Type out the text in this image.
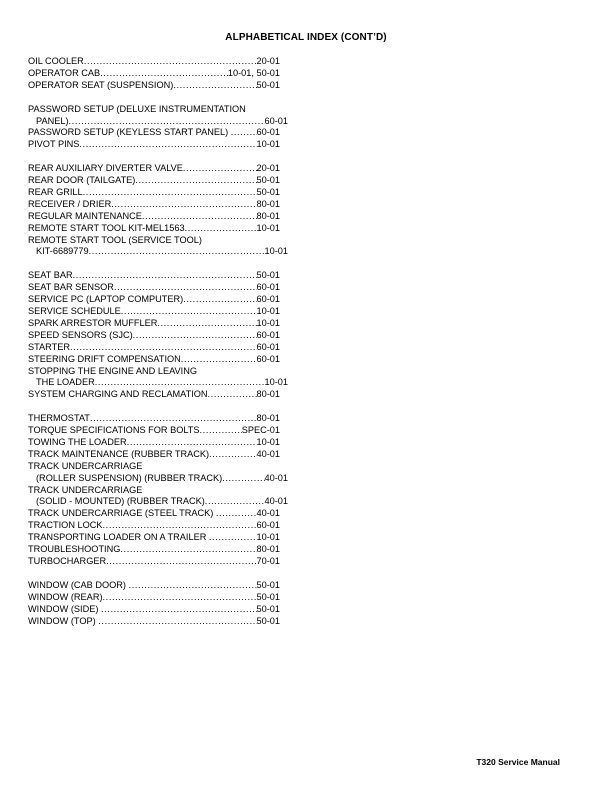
ALPHABETICAL INDEX (CONT’D)
OIL COOLER .....	20-01
OPERATOR CAB .....	10-01, 50-01
OPERATOR SEAT (SUSPENSION) .....	50-01
PASSWORD SETUP (DELUXE INSTRUMENTATION
PANEL) .....	60-01
PASSWORD SETUP (KEYLESS START PANEL) .....	60-01
PIVOT PINS .....	10-01
REAR AUXILIARY DIVERTER VALVE .....	20-01
REAR DOOR (TAILGATE) .....	50-01
REAR GRILL .....	50-01
RECEIVER / DRIER .....	80-01
REGULAR MAINTENANCE .....	80-01
REMOTE START TOOL KIT-MEL1563 .....	10-01
REMOTE START TOOL (SERVICE TOOL)
KIT-6689779 .....	10-01
SEAT BAR .....	50-01
SEAT BAR SENSOR .....	60-01
SERVICE PC (LAPTOP COMPUTER) .....	60-01
SERVICE SCHEDULE .....	10-01
SPARK ARRESTOR MUFFLER .....	10-01
SPEED SENSORS (SJC) .....	60-01
STARTER .....	60-01
STEERING DRIFT COMPENSATION .....	60-01
STOPPING THE ENGINE AND LEAVING
THE LOADER .....	10-01
SYSTEM CHARGING AND RECLAMATION .....	80-01
THERMOSTAT .....	80-01
TORQUE SPECIFICATIONS FOR BOLTS .....	SPEC-01
TOWING THE LOADER .....	10-01
TRACK MAINTENANCE (RUBBER TRACK) .....	40-01
TRACK UNDERCARRIAGE
(ROLLER SUSPENSION) (RUBBER TRACK) .....	40-01
TRACK UNDERCARRIAGE
(SOLID - MOUNTED) (RUBBER TRACK) .....	40-01
TRACK UNDERCARRIAGE (STEEL TRACK) .....	40-01
TRACTION LOCK .....	60-01
TRANSPORTING LOADER ON A TRAILER .....	10-01
TROUBLESHOOTING .....	80-01
TURBOCHARGER .....	70-01
WINDOW (CAB DOOR) .....	50-01
WINDOW (REAR) .....	50-01
WINDOW (SIDE) .....	50-01
WINDOW (TOP) .....	50-01
T320 Service Manual
